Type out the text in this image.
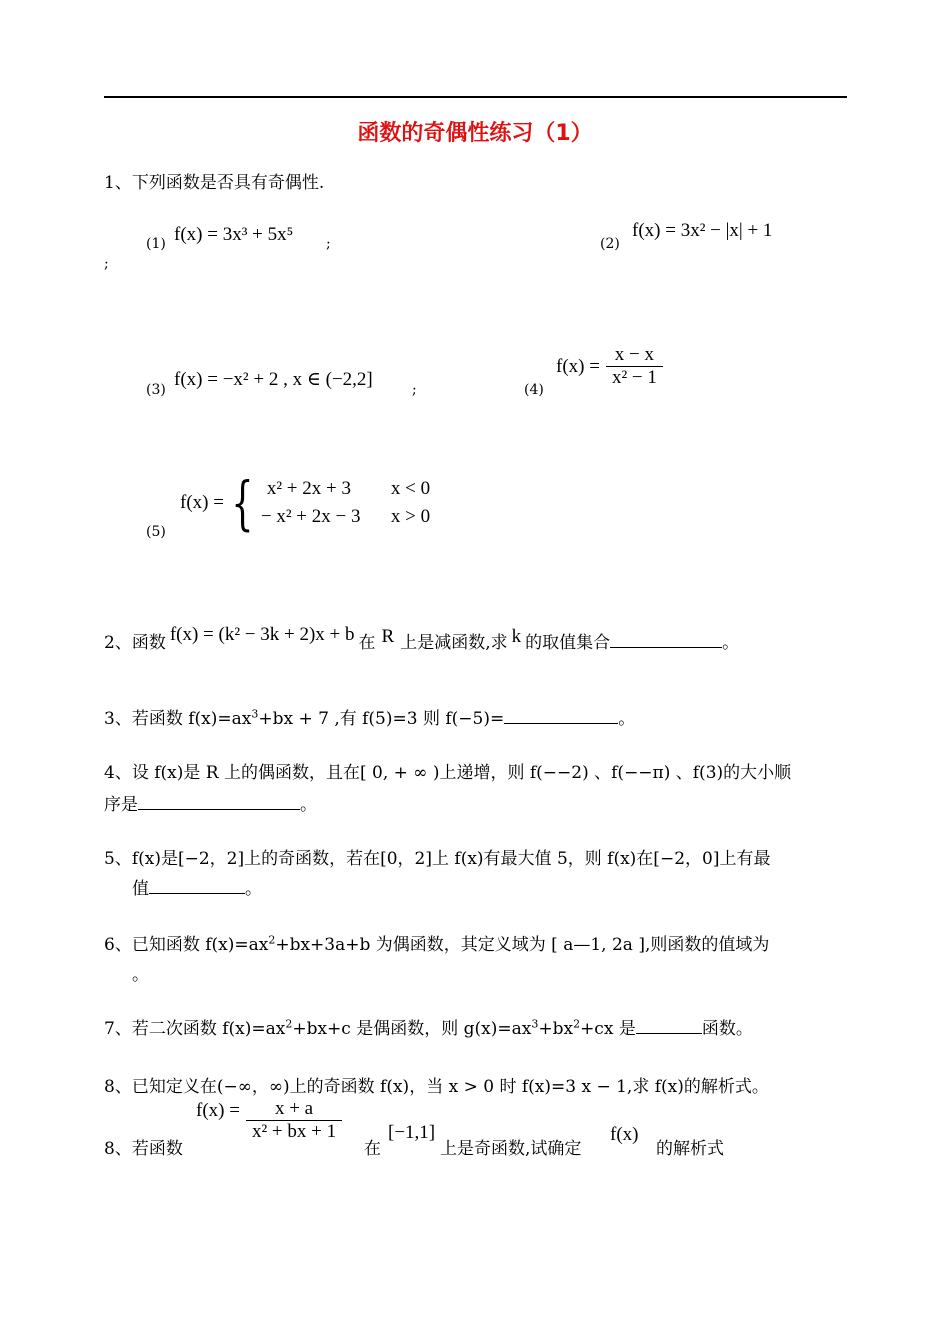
函数的奇偶性练习（1）
1、下列函数是否具有奇偶性.
(1) f(x) = 3x³ + 5x⁵ ;	(2)
f(x) = 3x² − |x| + 1
;
(3) f(x) = −x² + 2 , x ∈ (−2,2]	;	(4)
$f(x) = \frac{x - x}{\text{x² − 1}}$
(5)
f(x) = { x² + 2x + 3	x < 0
− x² + 2x − 3	x > 0
2、函数 f(x) = (k² − 3k + 2)x + b 在 R 上是减函数,求 k 的取值集合	。
3、若函数 $f(x)=ax^3+bx + 7$ ,有 f(5)=3 则 f(−5)=	。
4、设 f(x)是 R 上的偶函数，且在[ 0, + ∞ )上递增，则 f(−−2) 、f(−−π) 、f(3)的大小顺
序是	。
5、f(x)是[−2，2]上的奇函数，若在[0，2]上 f(x)有最大值 5，则 f(x)在[−2，0]上有最
值	。
6、已知函数 $f(x)=ax^2+bx+3a+b$ 为偶函数，其定义域为 [ a—1, 2a ],则函数的值域为
。
7、若二次函数 $f(x)=ax^2+bx+c$ 是偶函数，则 $g(x)=ax^3+bx^2+cx$ 是	函数。
8、已知定义在(−∞，∞)上的奇函数 f(x)，当 x > 0 时 f(x)=3 x − 1,求 f(x)的解析式。
8、若函数
$f(x) = \frac{x + a}{\text{x² + bx + 1}}$
在
[−1,1]
上是奇函数,试确定
f(x)
的解析式
